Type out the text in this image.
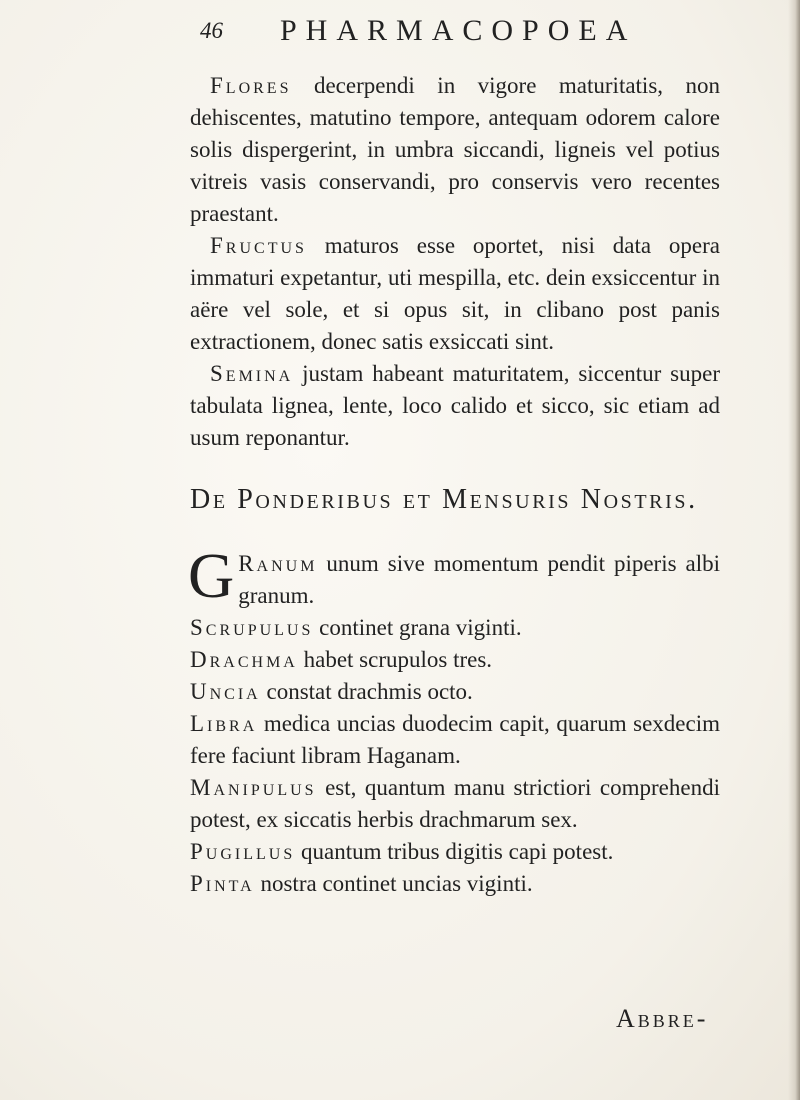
46 PHARMACOPOEA

Flores decerpendi in vigore maturitatis, non dehiscentes, matutino tempore, antequam odorem calore solis dispergerint, in umbra siccandi, ligneis vel potius vitreis vasis conservandi, pro conservis vero recentes praestant.

Fructus maturos esse oportet, nisi data opera immaturi expetantur, uti mespilla, etc. dein exsiccentur in aëre vel sole, et si opus sit, in clibano post panis extractionem, donec satis exsiccati sint.

Semina justam habeant maturitatem, siccentur super tabulata lignea, lente, loco calido et sicco, sic etiam ad usum reponantur.

De Ponderibus et Mensuris Nostris.

G Ranum unum sive momentum pendit piperis albi granum.

Scrupulus continet grana viginti.

Drachma habet scrupulos tres.

Uncia constat drachmis octo.

Libra medica uncias duodecim capit, quarum sexdecim fere faciunt libram Haganam.

Manipulus est, quantum manu strictiori comprehendi potest, ex siccatis herbis drachmarum sex.

Pugillus quantum tribus digitis capi potest.

Pinta nostra continet uncias viginti.

Abbre-
